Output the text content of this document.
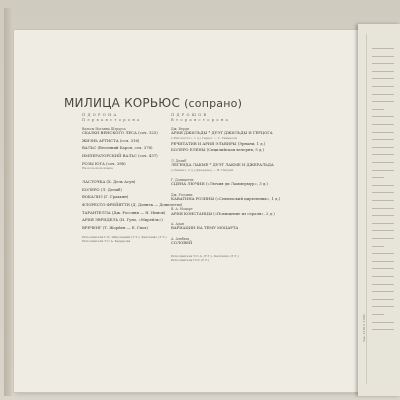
Зак. 1179 Т. 1000
МИЛИЦА КОРЬЮС (сопрано)
П Д О Р О Н А
П е р в а я с т о р о н а
Вальсы Иоганна Штрауса
СКАЗКИ ВЕНСКОГО ЛЕСА (соч. 325)
ЖИЗНЬ АРТИСТА (соч. 316)
ВАЛЬС (Весенний Барон, соч. 378)
ИМПЕРАТОРСКИЙ ВАЛЬС (соч. 437)
РОЗЫ ЮГА (соч. 388)
На польском языке
ЛАСТОЧКА (Х. Дель Асун)
БОЛЕРО (Л. Делиб)
ВОКАЛИЗ (Г. Гракьян)
ФЛОРЕСТО-ФРЕЙЯТТИ (Д. Доннек — Донизетти)
ТАРАНТЕЛЛА (Дж. Россини — Н. Нинов)
АРИЯ ЭВРИДЕЛЬ (И. Гуно, «Мирейль»)
ВРЕЧЕНГ (Т. Жорйен — Е. Гиох)
Исполнители Г.К. Шмульцкий (Т.Т.), Калгашко (Т.Т.)
Исполнители Т.С.А. Кадырова
П Д Р О Ш О В
В т о р а я с т о р о н а
Дж. Верди
АРИЯ ДЖИЛЬДЫ * ДУЭТ ДЖИЛЬДЫ И ГЕРЦОГА
(«Риголетто», 1 д.) Герцог — Г. Гиннелли
РЕЧИТАТИВ И АРИЯ ЭЛЬВИРЫ (Эрнани, 1 д.)
БОЛЕРО ЕЛЕНЫ (Сицилийская вечерня, 5 д.)
Л. Делиб
ЛЕГЕНДА ЛАКМЕ * ДУЭТ ЛАКМЕ И ДЖЕРАЛЬДА
(«Лакме», 2 д.) Джеральд — Н. Пигрей
Г. Доницетти
СЦЕНА ЛЮЧИИ («Лючия ди Ламмермур», 3 д.)
Дж. Россини
КАВАТИНА РОЗИНЫ («Севильский цирюльник», 1 д.)
В. А. Моцарт
АРИЯ КОНСТАНЦЫ («Похищение из сераля», 2 д.)
А. Адан
ВАРИАЦИИ НА ТЕМУ МОЦАРТА
А. Алябьев
СОЛОВЕЙ
Исполнители Т.С.А. (Т.Т.), Калгашко (Т.Т.)
Исполнители ГСС (Т.Т.)
